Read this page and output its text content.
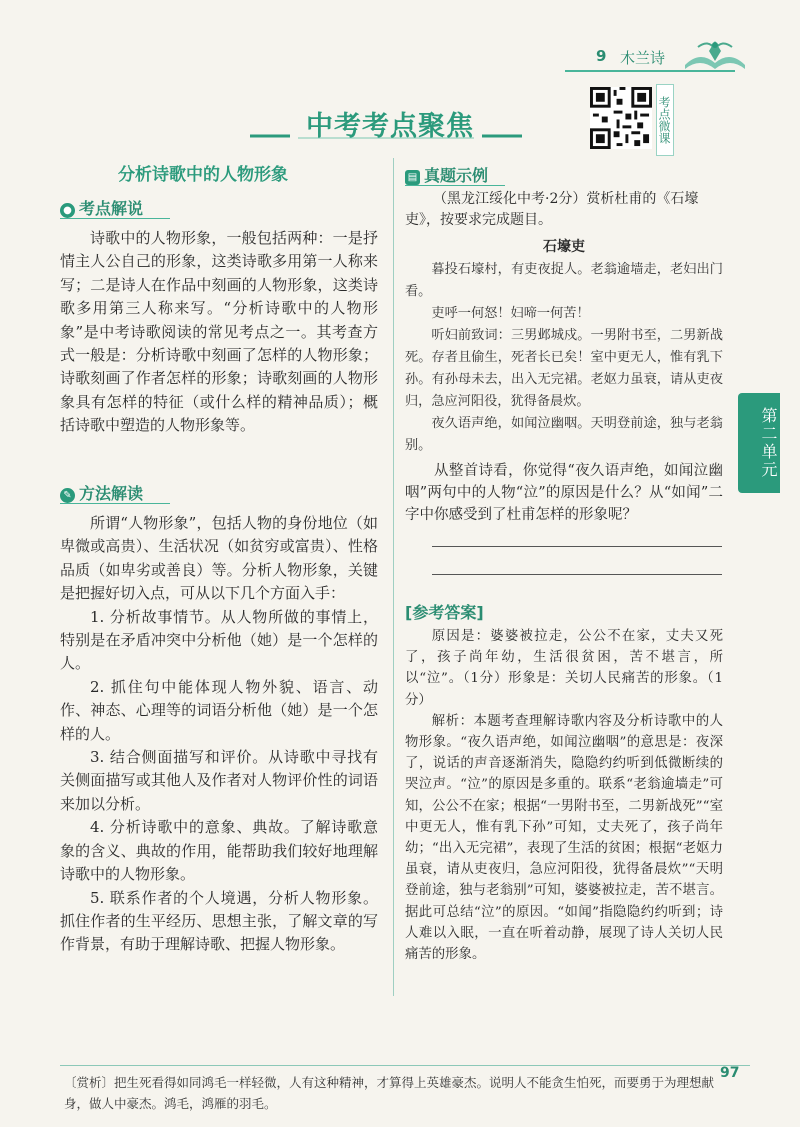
9 木兰诗
中考考点聚焦	考点微课
分析诗歌中的人物形象
● 考点解说

诗歌中的人物形象，一般包括两种：一是抒情主人公自己的形象，这类诗歌多用第一人称来写；二是诗人在作品中刻画的人物形象，这类诗歌多用第三人称来写。“分析诗歌中的人物形象”是中考诗歌阅读的常见考点之一。其考查方式一般是：分析诗歌中刻画了怎样的人物形象；诗歌刻画了作者怎样的形象；诗歌刻画的人物形象具有怎样的特征（或什么样的精神品质）；概括诗歌中塑造的人物形象等。

✎ 方法解读

所谓“人物形象”，包括人物的身份地位（如卑微或高贵）、生活状况（如贫穷或富贵）、性格品质（如卑劣或善良）等。分析人物形象，关键是把握好切入点，可从以下几个方面入手：

1. 分析故事情节。从人物所做的事情上，特别是在矛盾冲突中分析他（她）是一个怎样的人。

2. 抓住句中能体现人物外貌、语言、动作、神态、心理等的词语分析他（她）是一个怎样的人。

3. 结合侧面描写和评价。从诗歌中寻找有关侧面描写或其他人及作者对人物评价性的词语来加以分析。

4. 分析诗歌中的意象、典故。了解诗歌意象的含义、典故的作用，能帮助我们较好地理解诗歌中的人物形象。

5. 联系作者的个人境遇，分析人物形象。抓住作者的生平经历、思想主张，了解文章的写作背景，有助于理解诗歌、把握人物形象。

▤ 真题示例

（黑龙江绥化中考·2分）赏析杜甫的《石壕吏》，按要求完成题目。

石壕吏

暮投石壕村，有吏夜捉人。老翁逾墙走，老妇出门看。

吏呼一何怒！妇啼一何苦！

听妇前致词：三男邺城戍。一男附书至，二男新战死。存者且偷生，死者长已矣！室中更无人，惟有乳下孙。有孙母未去，出入无完裙。老妪力虽衰，请从吏夜归，急应河阳役，犹得备晨炊。

夜久语声绝，如闻泣幽咽。天明登前途，独与老翁别。

从整首诗看，你觉得“夜久语声绝，如闻泣幽咽”两句中的人物“泣”的原因是什么？从“如闻”二字中你感受到了杜甫怎样的形象呢？

[参考答案]

原因是：婆婆被拉走，公公不在家，丈夫又死了，孩子尚年幼，生活很贫困，苦不堪言，所以“泣”。（1分）形象是：关切人民痛苦的形象。（1分）

解析：本题考查理解诗歌内容及分析诗歌中的人物形象。“夜久语声绝，如闻泣幽咽”的意思是：夜深了，说话的声音逐渐消失，隐隐约约听到低微断续的哭泣声。“泣”的原因是多重的。联系“老翁逾墙走”可知，公公不在家；根据“一男附书至，二男新战死”“室中更无人，惟有乳下孙”可知，丈夫死了，孩子尚年幼；“出入无完裙”，表现了生活的贫困；根据“老妪力虽衰，请从吏夜归，急应河阳役，犹得备晨炊”“天明登前途，独与老翁别”可知，婆婆被拉走，苦不堪言。据此可总结“泣”的原因。“如闻”指隐隐约约听到；诗人难以入眠，一直在听着动静，展现了诗人关切人民痛苦的形象。

第二单元
〔赏析〕把生死看得如同鸿毛一样轻微，人有这种精神，才算得上英雄豪杰。说明人不能贪生怕死，而要勇于为理想献身，做人中豪杰。鸿毛，鸿雁的羽毛。
97
